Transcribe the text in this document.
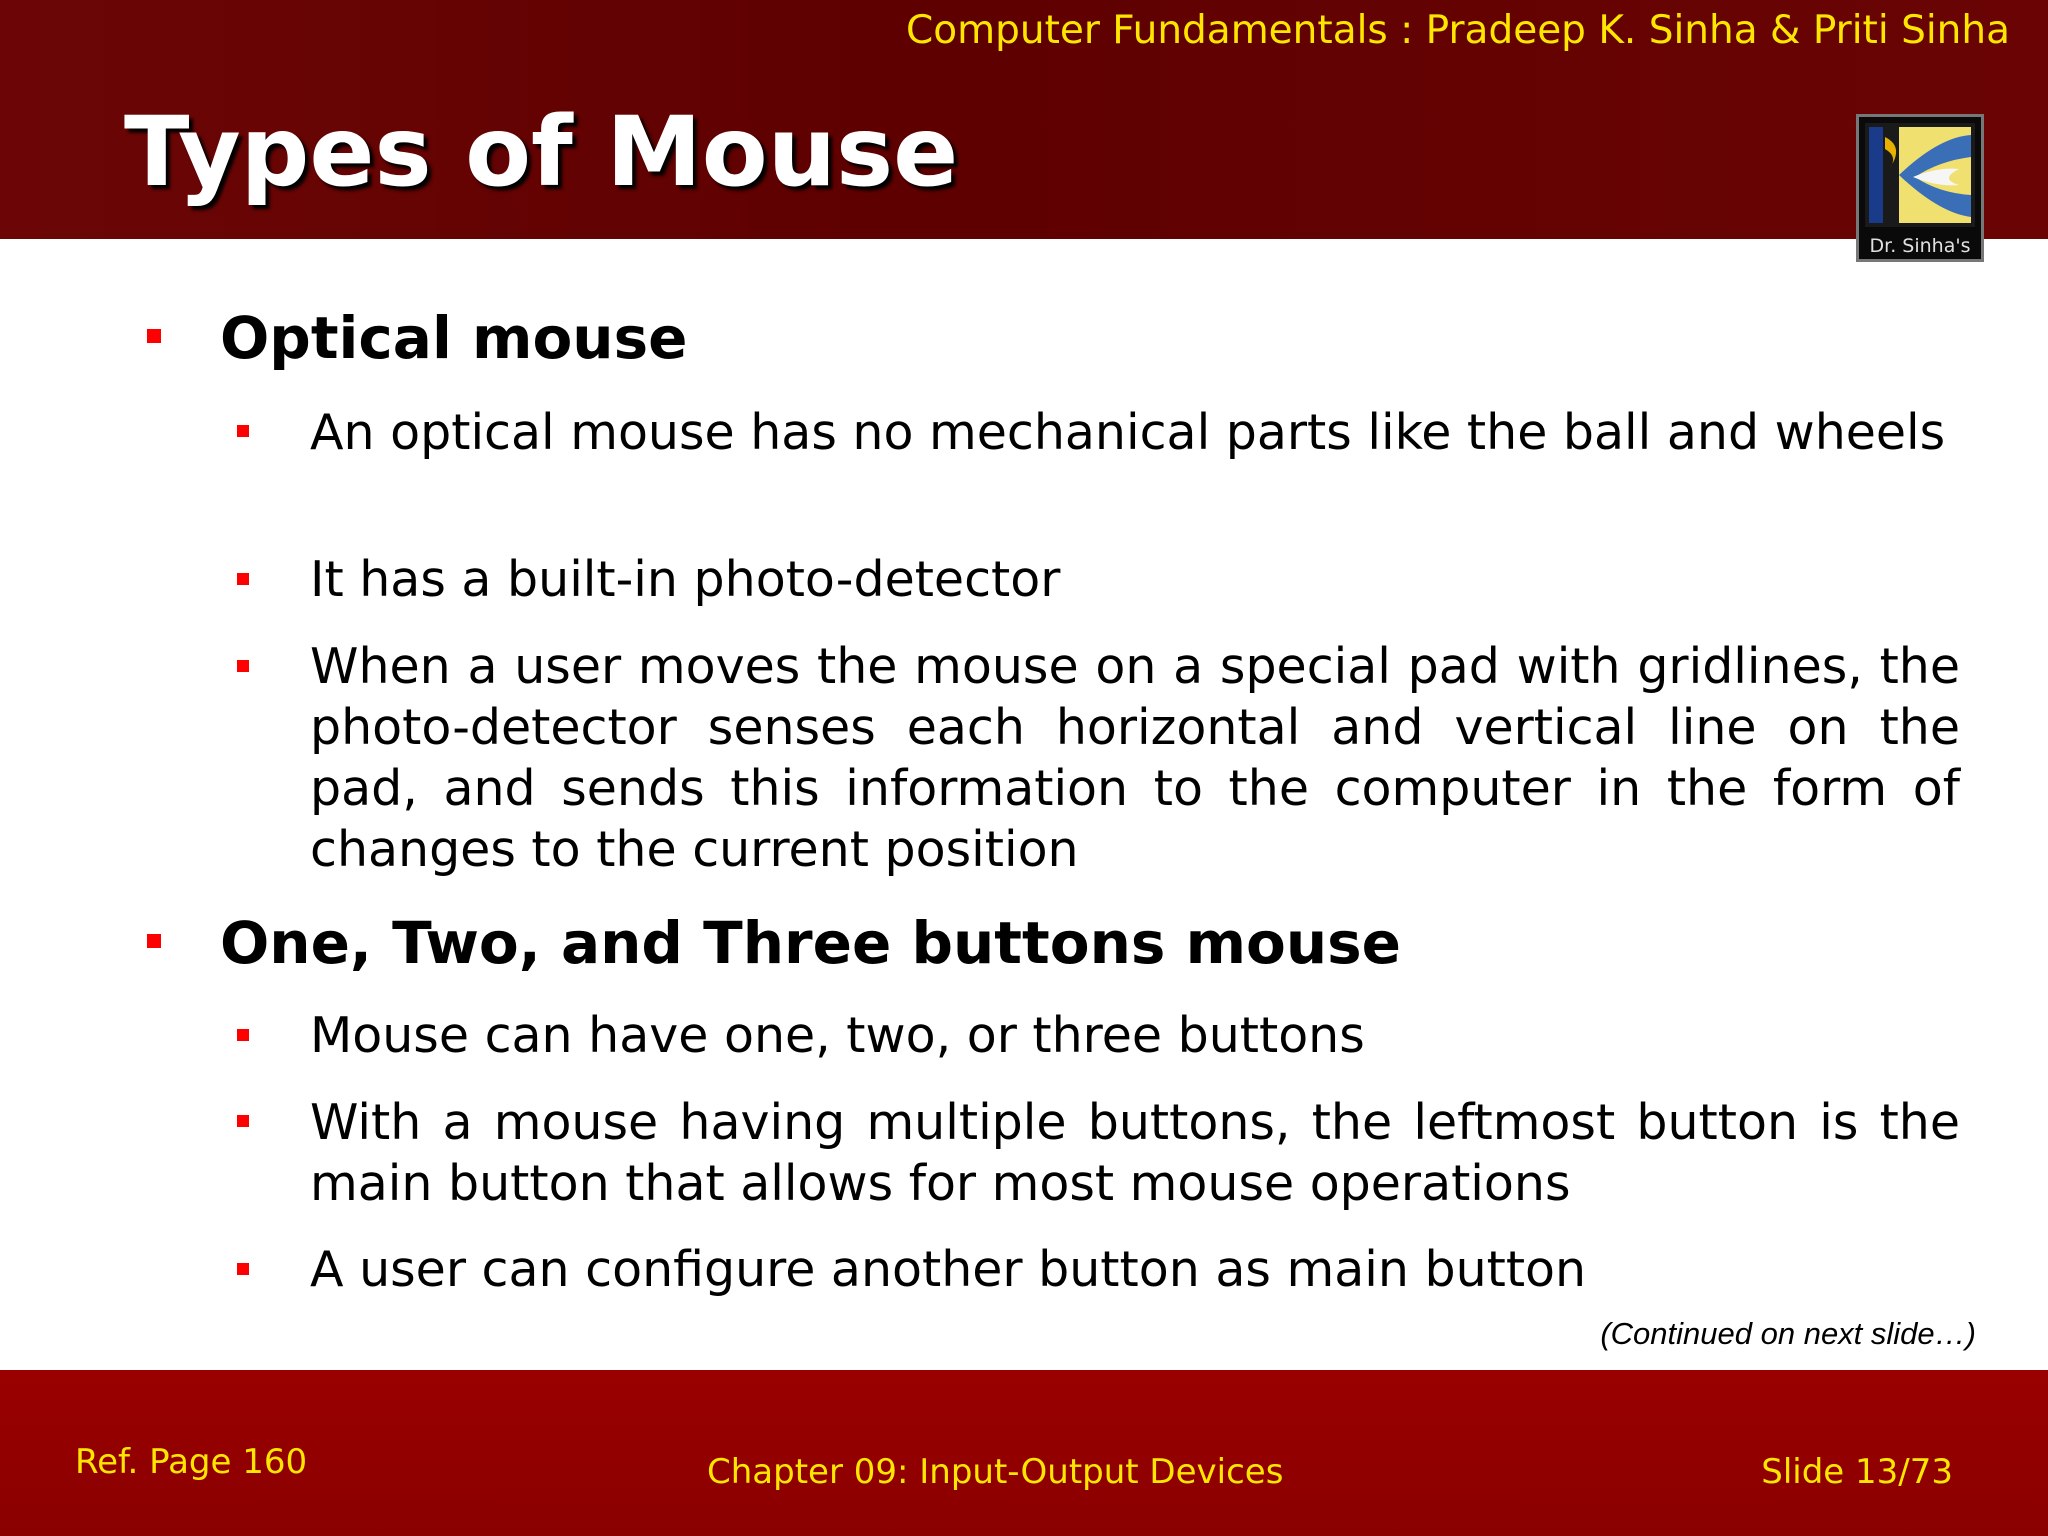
Computer Fundamentals : Pradeep K. Sinha & Priti Sinha
Types of Mouse
Dr. Sinha's
Optical mouse
An optical mouse has no mechanical parts like the ball and wheels
It has a built-in photo-detector
When a user moves the mouse on a special pad with gridlines, the photo-detector senses each horizontal and vertical line on the pad, and sends this information to the computer in the form of changes to the current position
One, Two, and Three buttons mouse
Mouse can have one, two, or three buttons
With a mouse having multiple buttons, the leftmost button is the main button that allows for most mouse operations
A user can configure another button as main button
(Continued on next slide…)
Ref. Page 160	Chapter 09: Input-Output Devices	Slide 13/73
